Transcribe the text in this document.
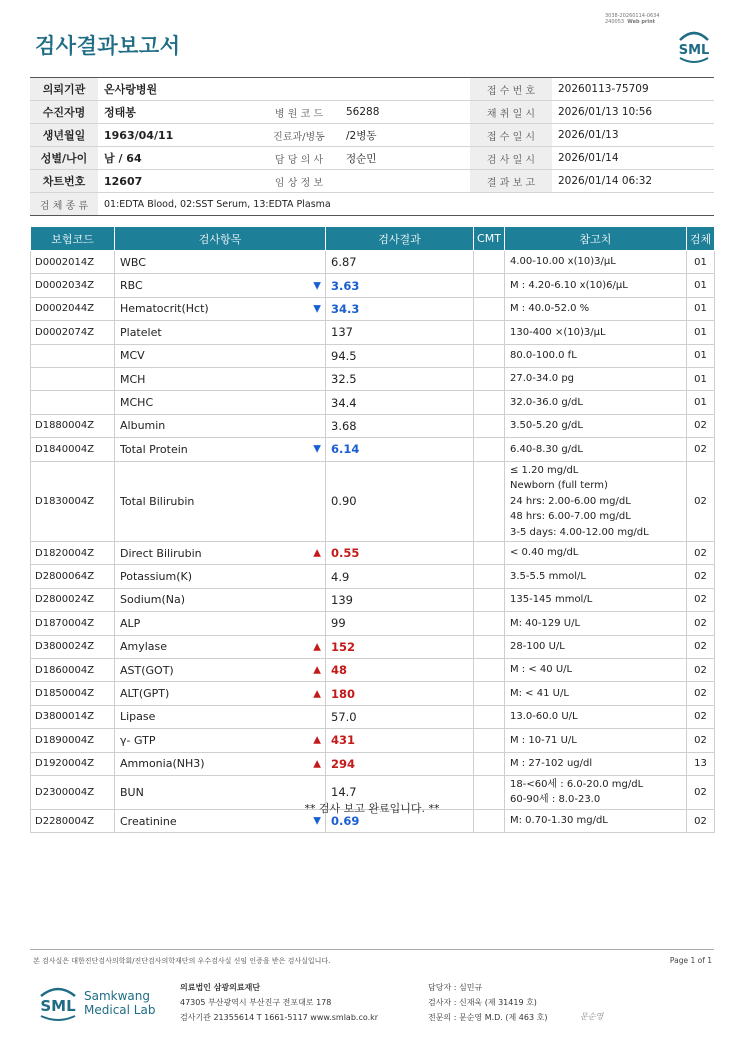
검사결과보고서
3038-20260114-0634
240053 Web print
SML
의뢰기관	온사랑병원			접 수 번 호	20260113-75709
수진자명	정태봉	병 원 코 드	56288	채 취 일 시	2026/01/13 10:56
생년월일	1963/04/11	진료과/병동	/2병동	접 수 일 시	2026/01/13
성별/나이	남 / 64	담 당 의 사	정순민	검 사 일 시	2026/01/14
차트번호	12607	임 상 정 보		결 과 보 고	2026/01/14 06:32
검 체 종 류	01:EDTA Blood, 02:SST Serum, 13:EDTA Plasma				
보험코드	검사항목	검사결과	CMT	참고치	검체
D0002014Z	WBC	6.87		4.00-10.00 x(10)3/μL	01
D0002034Z	RBC ▼	3.63		M : 4.20-6.10 x(10)6/μL	01
D0002044Z	Hematocrit(Hct) ▼	34.3		M : 40.0-52.0 %	01
D0002074Z	Platelet	137		130-400 ×(10)3/μL	01
	MCV	94.5		80.0-100.0 fL	01
	MCH	32.5		27.0-34.0 pg	01
	MCHC	34.4		32.0-36.0 g/dL	01
D1880004Z	Albumin	3.68		3.50-5.20 g/dL	02
D1840004Z	Total Protein ▼	6.14		6.40-8.30 g/dL	02
D1830004Z	Total Bilirubin	0.90		≤ 1.20 mg/dL
Newborn (full term)
24 hrs: 2.00-6.00 mg/dL
48 hrs: 6.00-7.00 mg/dL
3-5 days: 4.00-12.00 mg/dL	02
D1820004Z	Direct Bilirubin ▲	0.55		< 0.40 mg/dL	02
D2800064Z	Potassium(K)	4.9		3.5-5.5 mmol/L	02
D2800024Z	Sodium(Na)	139		135-145 mmol/L	02
D1870004Z	ALP	99		M: 40-129 U/L	02
D3800024Z	Amylase ▲	152		28-100 U/L	02
D1860004Z	AST(GOT) ▲	48		M : < 40 U/L	02
D1850004Z	ALT(GPT) ▲	180		M: < 41 U/L	02
D3800014Z	Lipase	57.0		13.0-60.0 U/L	02
D1890004Z	γ- GTP ▲	431		M : 10-71 U/L	02
D1920004Z	Ammonia(NH3) ▲	294		M : 27-102 ug/dl	13
D2300004Z	BUN	14.7		18-<60세 : 6.0-20.0 mg/dL
60-90세 : 8.0-23.0	02
D2280004Z	Creatinine ▼	0.69		M: 0.70-1.30 mg/dL	02
** 검사 보고 완료입니다. **
본 검사실은 대한진단검사의학회/진단검사의학재단의 우수검사실 신임 인증을 받은 검사실입니다.	Page 1 of 1
SML
Samkwang
Medical Lab
의료법인 삼광의료재단
47305 부산광역시 부산진구 전포대로 178
검사기관 21355614 T 1661-5117 www.smlab.co.kr
담당자 : 심민규
검사자 : 신재욱 (제 31419 호)
전문의 : 문순영 M.D. (제 463 호)	문순영
